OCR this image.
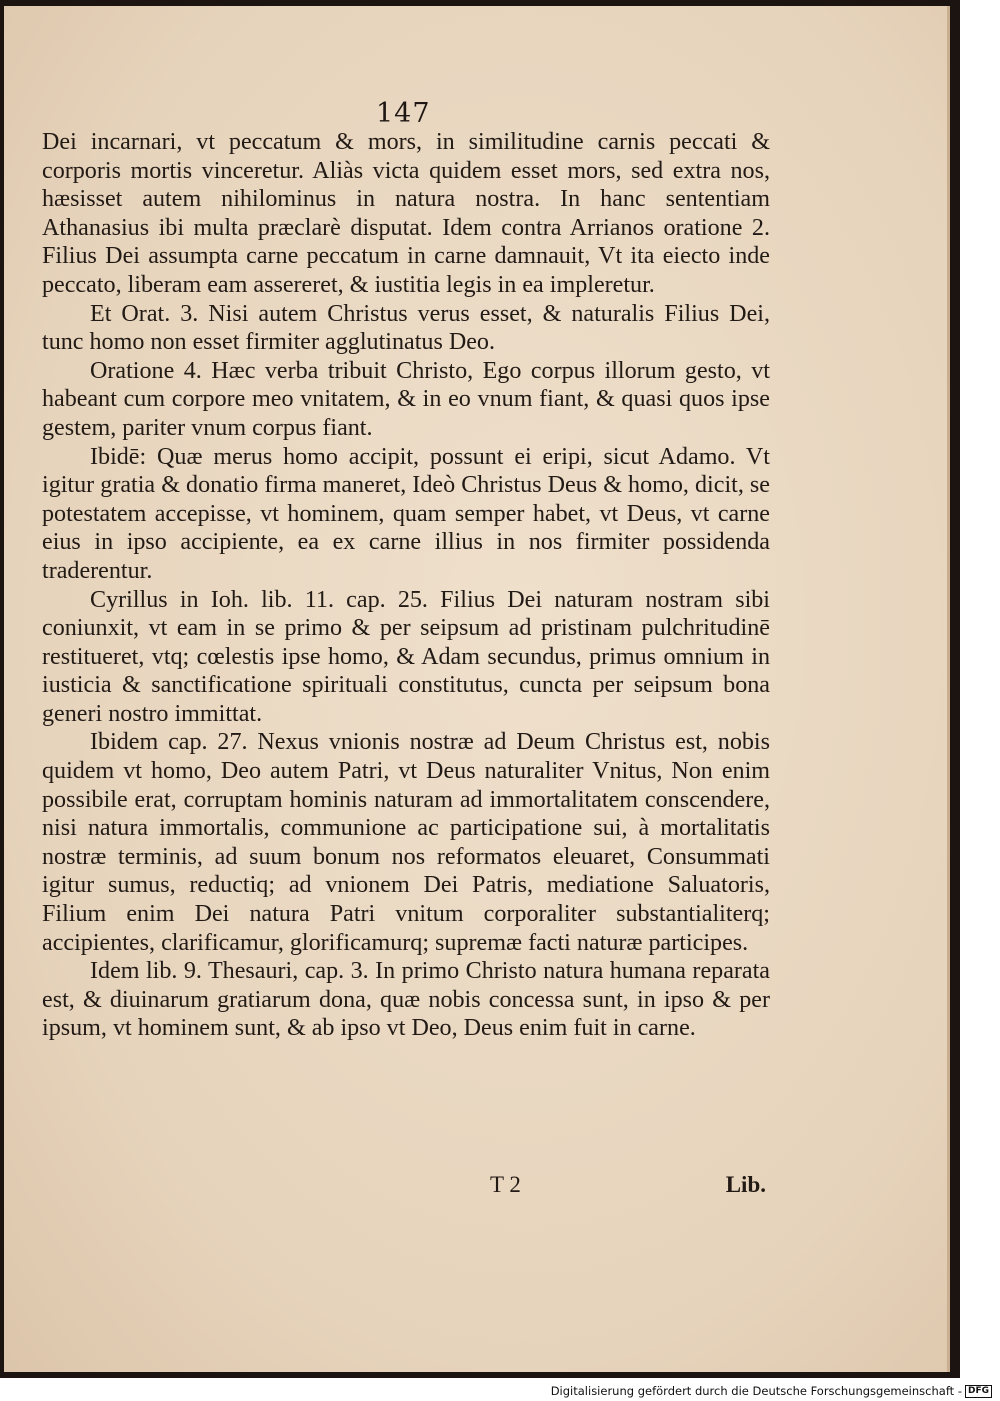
147

Dei incarnari, vt peccatum & mors, in similitudine carnis peccati & corporis mortis vinceretur. Aliàs victa quidem esset mors, sed extra nos, hæsisset autem nihilominus in natura nostra. In hanc sententiam Athanasius ibi multa præclarè disputat. Idem contra Arrianos oratione 2. Filius Dei assumpta carne peccatum in carne damnauit, Vt ita eiecto inde peccato, liberam eam assereret, & iustitia legis in ea impleretur.

Et Orat. 3. Nisi autem Christus verus esset, & naturalis Filius Dei, tunc homo non esset firmiter agglutinatus Deo.

Oratione 4. Hæc verba tribuit Christo, Ego corpus illorum gesto, vt habeant cum corpore meo vnitatem, & in eo vnum fiant, & quasi quos ipse gestem, pariter vnum corpus fiant.

Ibidē: Quæ merus homo accipit, possunt ei eripi, sicut Adamo. Vt igitur gratia & donatio firma maneret, Ideò Christus Deus & homo, dicit, se potestatem accepisse, vt hominem, quam semper habet, vt Deus, vt carne eius in ipso accipiente, ea ex carne illius in nos firmiter possidenda traderentur.

Cyrillus in Ioh. lib. 11. cap. 25. Filius Dei naturam nostram sibi coniunxit, vt eam in se primo & per seipsum ad pristinam pulchritudinē restitueret, vtq; cœlestis ipse homo, & Adam secundus, primus omnium in iusticia & sanctificatione spirituali constitutus, cuncta per seipsum bona generi nostro immittat.

Ibidem cap. 27. Nexus vnionis nostræ ad Deum Christus est, nobis quidem vt homo, Deo autem Patri, vt Deus naturaliter Vnitus, Non enim possibile erat, corruptam hominis naturam ad immortalitatem conscendere, nisi natura immortalis, communione ac participatione sui, à mortalitatis nostræ terminis, ad suum bonum nos reformatos eleuaret, Consummati igitur sumus, reductiq; ad vnionem Dei Patris, mediatione Saluatoris, Filium enim Dei natura Patri vnitum corporaliter substantialiterq; accipientes, clarificamur, glorificamurq; supremæ facti naturæ participes.

Idem lib. 9. Thesauri, cap. 3. In primo Christo natura humana reparata est, & diuinarum gratiarum dona, quæ nobis concessa sunt, in ipso & per ipsum, vt hominem sunt, & ab ipso vt Deo, Deus enim fuit in carne.

T 2	Lib.
Digitalisierung gefördert durch die Deutsche Forschungsgemeinschaft - DFG
